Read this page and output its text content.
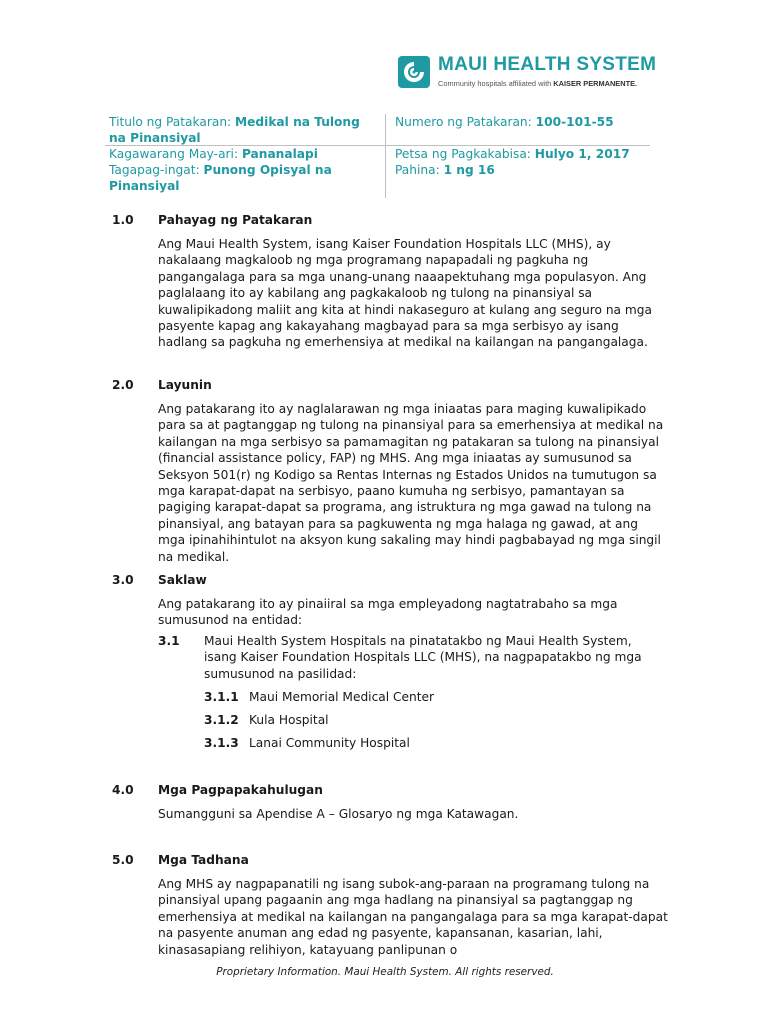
MAUI HEALTH SYSTEM
Community hospitals affiliated with KAISER PERMANENTE.
Titulo ng Patakaran: Medikal na Tulong
na Pinansiyal
Kagawarang May-ari: Pananalapi
Tagapag-ingat: Punong Opisyal na
Pinansiyal
Numero ng Patakaran: 100-101-55
Petsa ng Pagkakabisa: Hulyo 1, 2017
Pahina: 1 ng 16
1.0 Pahayag ng Patakaran

Ang Maui Health System, isang Kaiser Foundation Hospitals LLC (MHS), ay nakalaang magkaloob ng mga programang napapadali ng pagkuha ng pangangalaga para sa mga unang-unang naaapektuhang mga populasyon. Ang paglalaang ito ay kabilang ang pagkakaloob ng tulong na pinansiyal sa kuwalipikadong maliit ang kita at hindi nakaseguro at kulang ang seguro na mga pasyente kapag ang kakayahang magbayad para sa mga serbisyo ay isang hadlang sa pagkuha ng emerhensiya at medikal na kailangan na pangangalaga.

2.0 Layunin

Ang patakarang ito ay naglalarawan ng mga iniaatas para maging kuwalipikado para sa at pagtanggap ng tulong na pinansiyal para sa emerhensiya at medikal na kailangan na mga serbisyo sa pamamagitan ng patakaran sa tulong na pinansiyal (financial assistance policy, FAP) ng MHS. Ang mga iniaatas ay sumusunod sa Seksyon 501(r) ng Kodigo sa Rentas Internas ng Estados Unidos na tumutugon sa mga karapat-dapat na serbisyo, paano kumuha ng serbisyo, pamantayan sa pagiging karapat-dapat sa programa, ang istruktura ng mga gawad na tulong na pinansiyal, ang batayan para sa pagkuwenta ng mga halaga ng gawad, at ang mga ipinahihintulot na aksyon kung sakaling may hindi pagbabayad ng mga singil na medikal.

3.0 Saklaw

Ang patakarang ito ay pinaiiral sa mga empleyadong nagtatrabaho sa mga sumusunod na entidad:

3.1 Maui Health System Hospitals na pinatatakbo ng Maui Health System, isang Kaiser Foundation Hospitals LLC (MHS), na nagpapatakbo ng mga sumusunod na pasilidad:

3.1.1 Maui Memorial Medical Center
3.1.2 Kula Hospital
3.1.3 Lanai Community Hospital
4.0 Mga Pagpapakahulugan

Sumangguni sa Apendise A – Glosaryo ng mga Katawagan.

5.0 Mga Tadhana

Ang MHS ay nagpapanatili ng isang subok-ang-paraan na programang tulong na pinansiyal upang pagaanin ang mga hadlang na pinansiyal sa pagtanggap ng emerhensiya at medikal na kailangan na pangangalaga para sa mga karapat-dapat na pasyente anuman ang edad ng pasyente, kapansanan, kasarian, lahi, kinasasapiang relihiyon, katayuang panlipunan o

Proprietary Information. Maui Health System. All rights reserved.
